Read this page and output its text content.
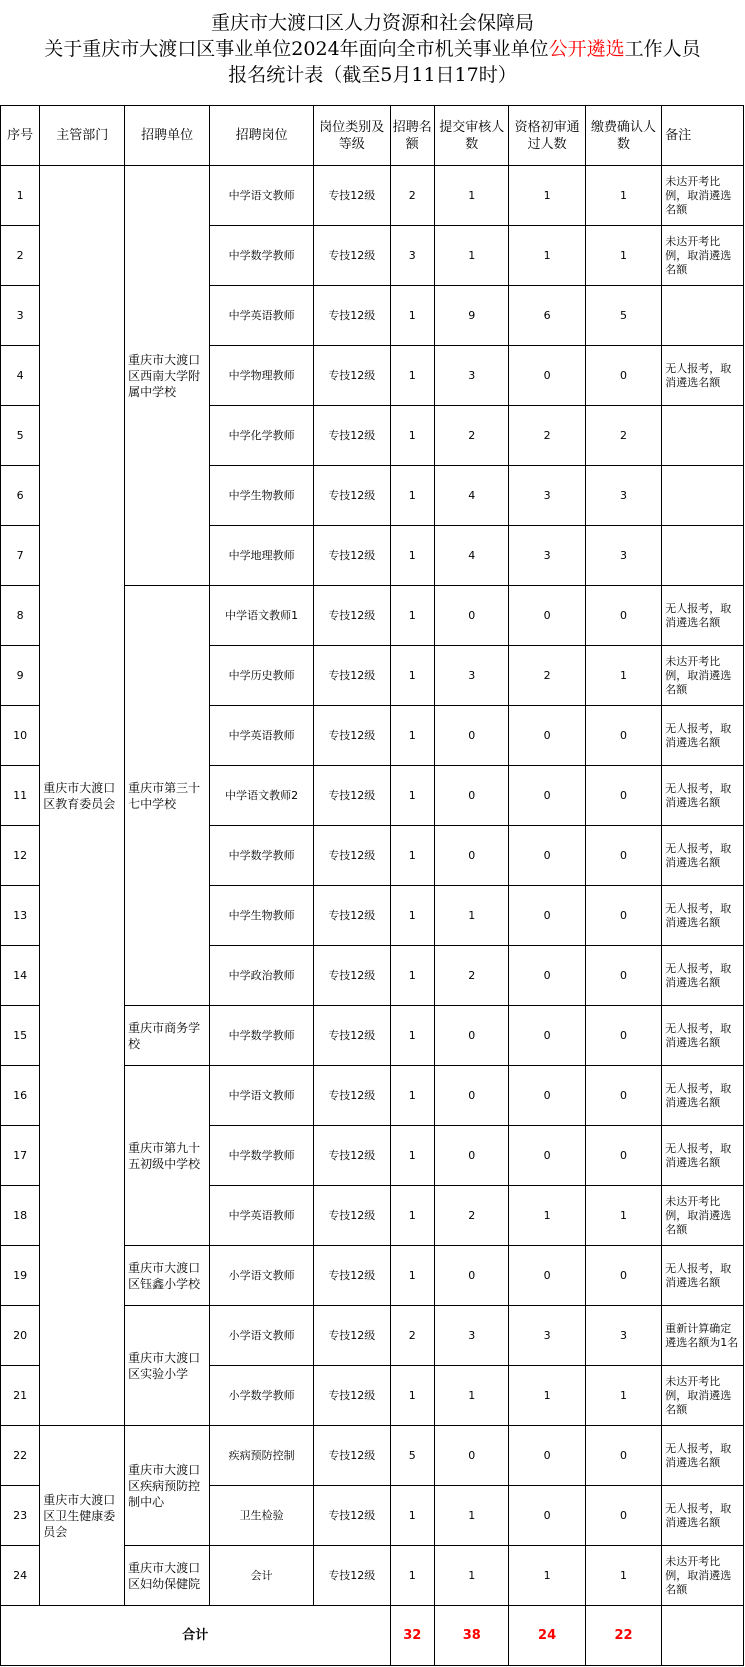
重庆市大渡口区人力资源和社会保障局
关于重庆市大渡口区事业单位2024年面向全市机关事业单位公开遴选工作人员
报名统计表（截至5月11日17时）
序号	主管部门	招聘单位	招聘岗位	岗位类别及等级	招聘名额	提交审核人数	资格初审通过人数	缴费确认人数	备注
1	重庆市大渡口区教育委员会	重庆市大渡口区西南大学附属中学校	中学语文教师	专技12级	2	1	1	1	未达开考比例，取消遴选名额
2			中学数学教师	专技12级	3	1	1	1	未达开考比例，取消遴选名额
3			中学英语教师	专技12级	1	9	6	5	
4			中学物理教师	专技12级	1	3	0	0	无人报考，取消遴选名额
5			中学化学教师	专技12级	1	2	2	2	
6			中学生物教师	专技12级	1	4	3	3	
7			中学地理教师	专技12级	1	4	3	3	
8		重庆市第三十七中学校	中学语文教师1	专技12级	1	0	0	0	无人报考，取消遴选名额
9			中学历史教师	专技12级	1	3	2	1	未达开考比例，取消遴选名额
10			中学英语教师	专技12级	1	0	0	0	无人报考，取消遴选名额
11			中学语文教师2	专技12级	1	0	0	0	无人报考，取消遴选名额
12			中学数学教师	专技12级	1	0	0	0	无人报考，取消遴选名额
13			中学生物教师	专技12级	1	1	0	0	无人报考，取消遴选名额
14			中学政治教师	专技12级	1	2	0	0	无人报考，取消遴选名额
15		重庆市商务学校	中学数学教师	专技12级	1	0	0	0	无人报考，取消遴选名额
16		重庆市第九十五初级中学校	中学语文教师	专技12级	1	0	0	0	无人报考，取消遴选名额
17			中学数学教师	专技12级	1	0	0	0	无人报考，取消遴选名额
18			中学英语教师	专技12级	1	2	1	1	未达开考比例，取消遴选名额
19		重庆市大渡口区钰鑫小学校	小学语文教师	专技12级	1	0	0	0	无人报考，取消遴选名额
20		重庆市大渡口区实验小学	小学语文教师	专技12级	2	3	3	3	重新计算确定遴选名额为1名
21			小学数学教师	专技12级	1	1	1	1	未达开考比例，取消遴选名额
22	重庆市大渡口区卫生健康委员会	重庆市大渡口区疾病预防控制中心	疾病预防控制	专技12级	5	0	0	0	无人报考，取消遴选名额
23			卫生检验	专技12级	1	1	0	0	无人报考，取消遴选名额
24		重庆市大渡口区妇幼保健院	会计	专技12级	1	1	1	1	未达开考比例，取消遴选名额
合计					32	38	24	22	
